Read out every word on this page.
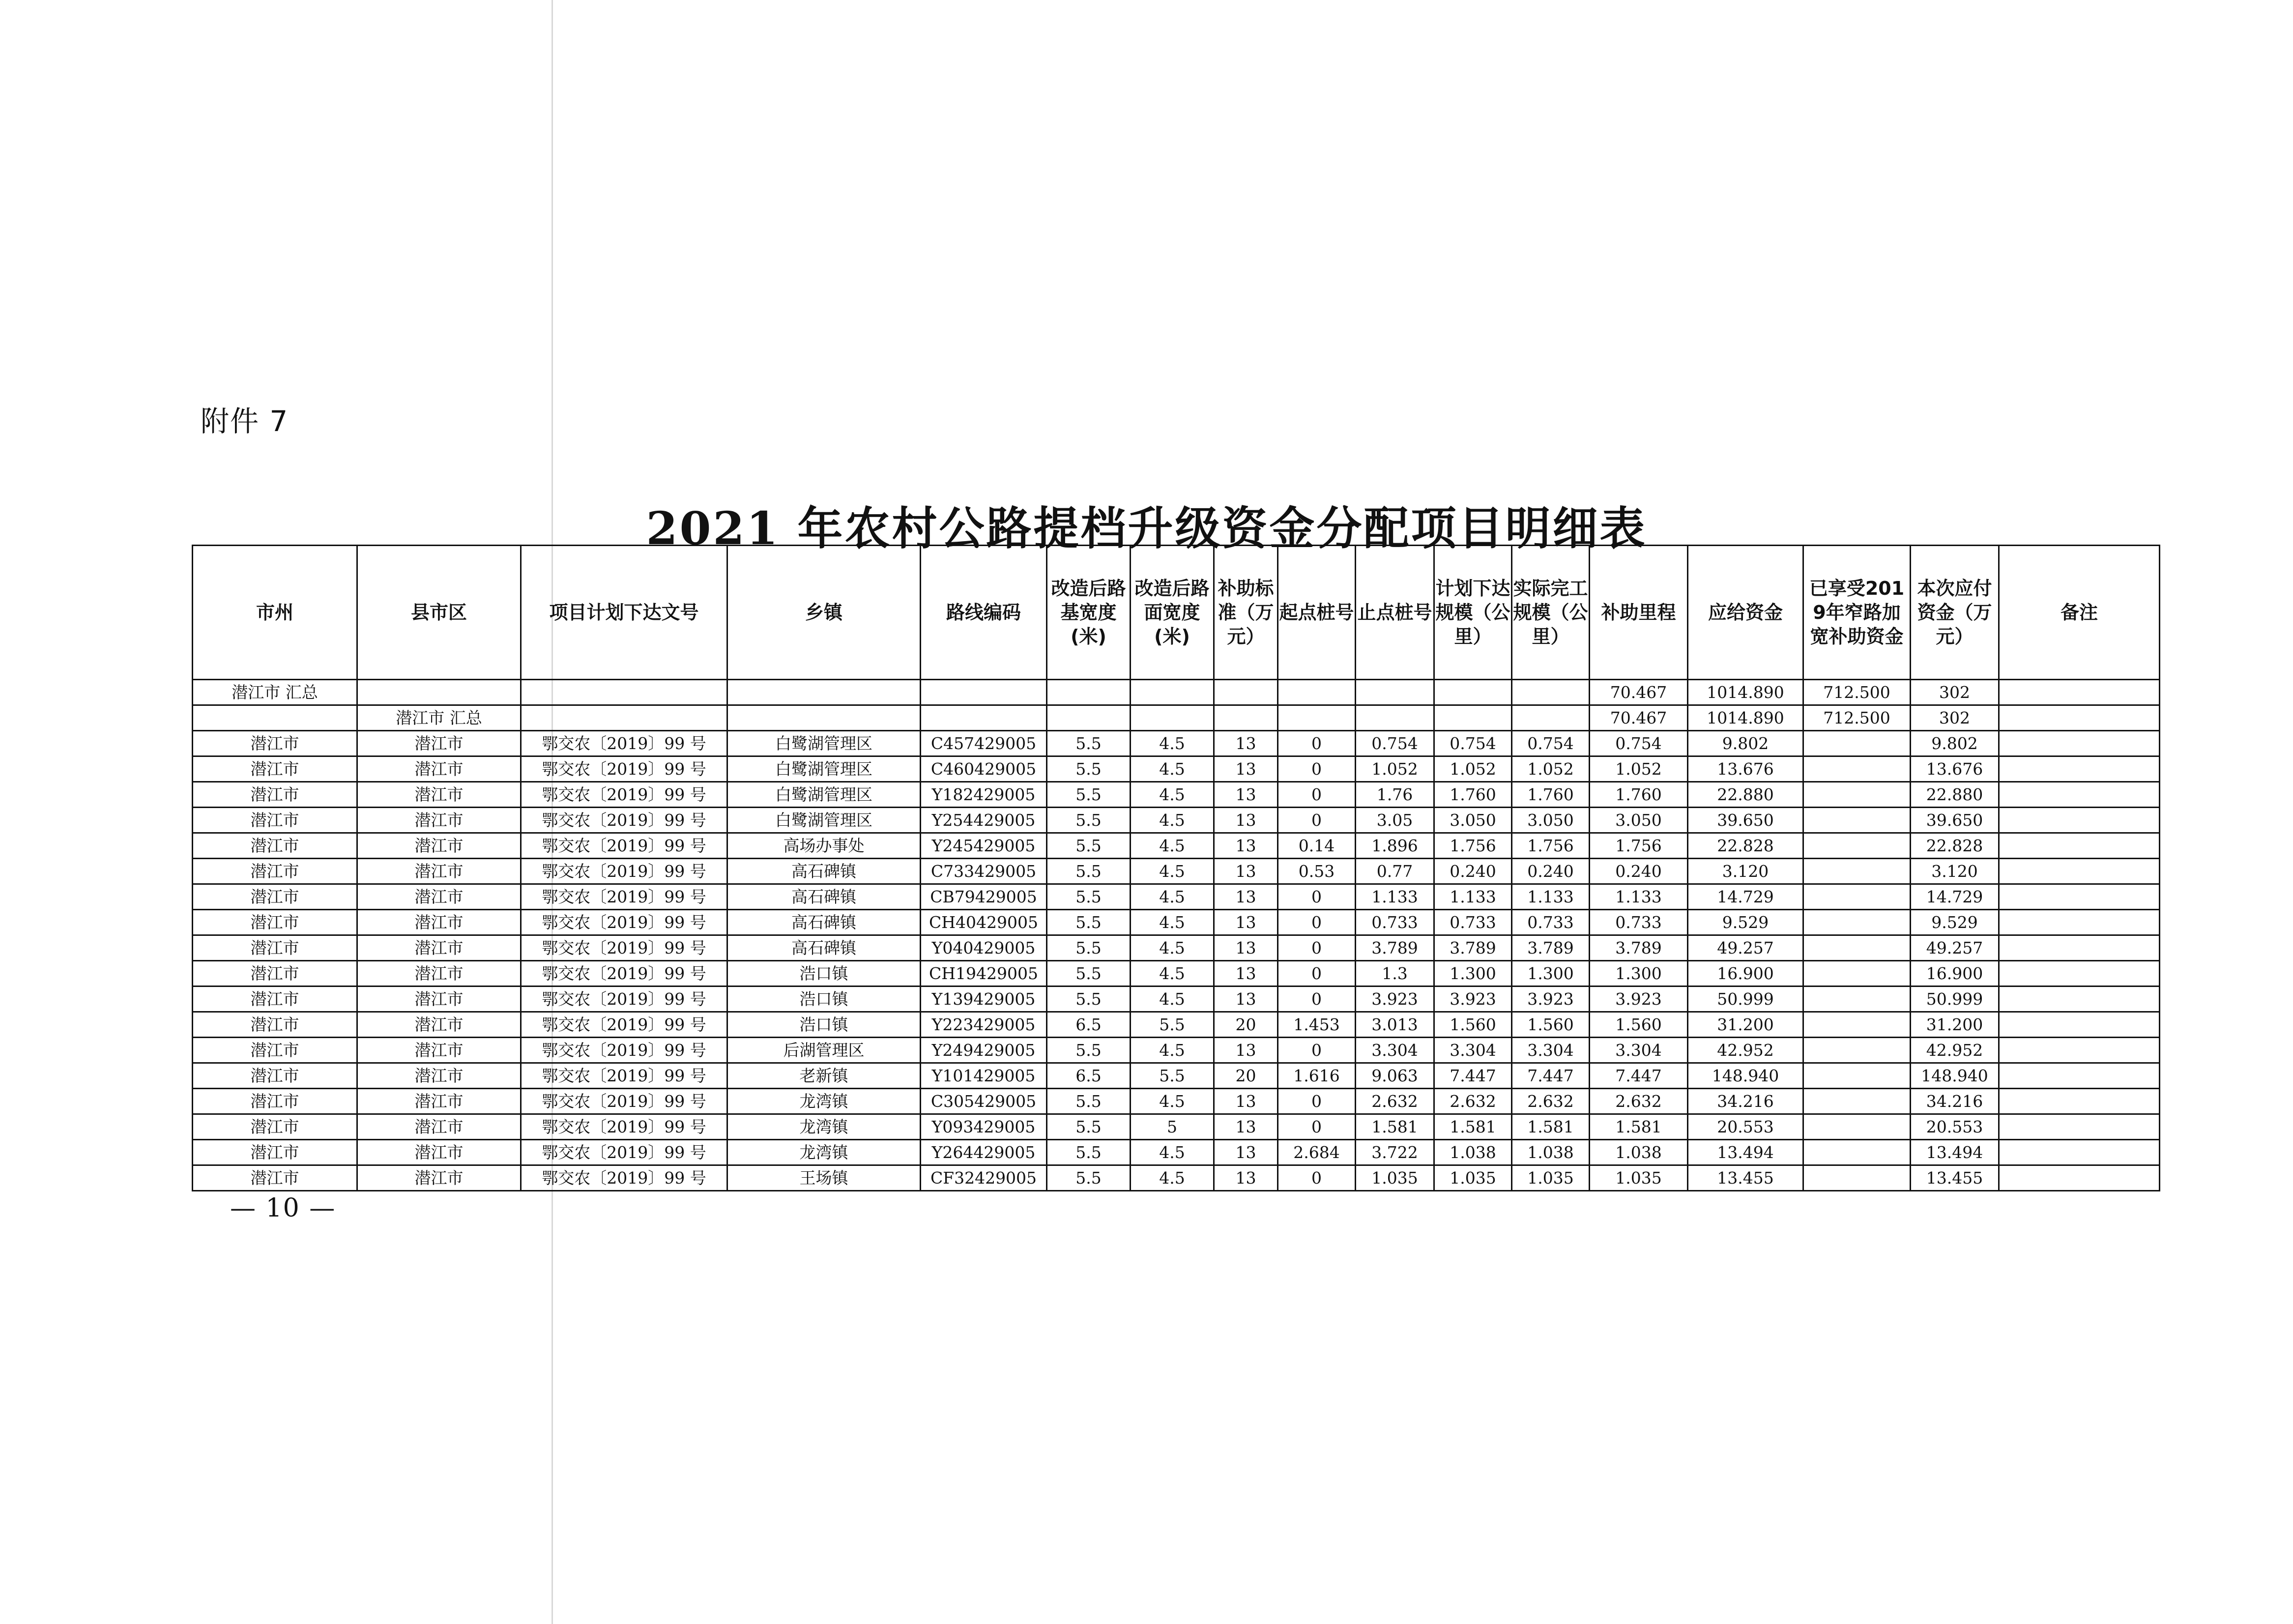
附件 7
2021 年农村公路提档升级资金分配项目明细表
市州	县市区	项目计划下达文号	乡镇	路线编码	改造后路基宽度(米)	改造后路面宽度(米)	补助标准（万元）	起点桩号	止点桩号	计划下达规模（公里）	实际完工规模（公里）	补助里程	应给资金	已享受2019年窄路加宽补助资金	本次应付资金（万元）	备注
潜江市 汇总												70.467	1014.890	712.500	302	
	潜江市 汇总											70.467	1014.890	712.500	302	
潜江市	潜江市	鄂交农〔2019〕99 号	白鹭湖管理区	C457429005	5.5	4.5	13	0	0.754	0.754	0.754	0.754	9.802		9.802	
潜江市	潜江市	鄂交农〔2019〕99 号	白鹭湖管理区	C460429005	5.5	4.5	13	0	1.052	1.052	1.052	1.052	13.676		13.676	
潜江市	潜江市	鄂交农〔2019〕99 号	白鹭湖管理区	Y182429005	5.5	4.5	13	0	1.76	1.760	1.760	1.760	22.880		22.880	
潜江市	潜江市	鄂交农〔2019〕99 号	白鹭湖管理区	Y254429005	5.5	4.5	13	0	3.05	3.050	3.050	3.050	39.650		39.650	
潜江市	潜江市	鄂交农〔2019〕99 号	高场办事处	Y245429005	5.5	4.5	13	0.14	1.896	1.756	1.756	1.756	22.828		22.828	
潜江市	潜江市	鄂交农〔2019〕99 号	高石碑镇	C733429005	5.5	4.5	13	0.53	0.77	0.240	0.240	0.240	3.120		3.120	
潜江市	潜江市	鄂交农〔2019〕99 号	高石碑镇	CB79429005	5.5	4.5	13	0	1.133	1.133	1.133	1.133	14.729		14.729	
潜江市	潜江市	鄂交农〔2019〕99 号	高石碑镇	CH40429005	5.5	4.5	13	0	0.733	0.733	0.733	0.733	9.529		9.529	
潜江市	潜江市	鄂交农〔2019〕99 号	高石碑镇	Y040429005	5.5	4.5	13	0	3.789	3.789	3.789	3.789	49.257		49.257	
潜江市	潜江市	鄂交农〔2019〕99 号	浩口镇	CH19429005	5.5	4.5	13	0	1.3	1.300	1.300	1.300	16.900		16.900	
潜江市	潜江市	鄂交农〔2019〕99 号	浩口镇	Y139429005	5.5	4.5	13	0	3.923	3.923	3.923	3.923	50.999		50.999	
潜江市	潜江市	鄂交农〔2019〕99 号	浩口镇	Y223429005	6.5	5.5	20	1.453	3.013	1.560	1.560	1.560	31.200		31.200	
潜江市	潜江市	鄂交农〔2019〕99 号	后湖管理区	Y249429005	5.5	4.5	13	0	3.304	3.304	3.304	3.304	42.952		42.952	
潜江市	潜江市	鄂交农〔2019〕99 号	老新镇	Y101429005	6.5	5.5	20	1.616	9.063	7.447	7.447	7.447	148.940		148.940	
潜江市	潜江市	鄂交农〔2019〕99 号	龙湾镇	C305429005	5.5	4.5	13	0	2.632	2.632	2.632	2.632	34.216		34.216	
潜江市	潜江市	鄂交农〔2019〕99 号	龙湾镇	Y093429005	5.5	5	13	0	1.581	1.581	1.581	1.581	20.553		20.553	
潜江市	潜江市	鄂交农〔2019〕99 号	龙湾镇	Y264429005	5.5	4.5	13	2.684	3.722	1.038	1.038	1.038	13.494		13.494	
潜江市	潜江市	鄂交农〔2019〕99 号	王场镇	CF32429005	5.5	4.5	13	0	1.035	1.035	1.035	1.035	13.455		13.455	
— 10 —
